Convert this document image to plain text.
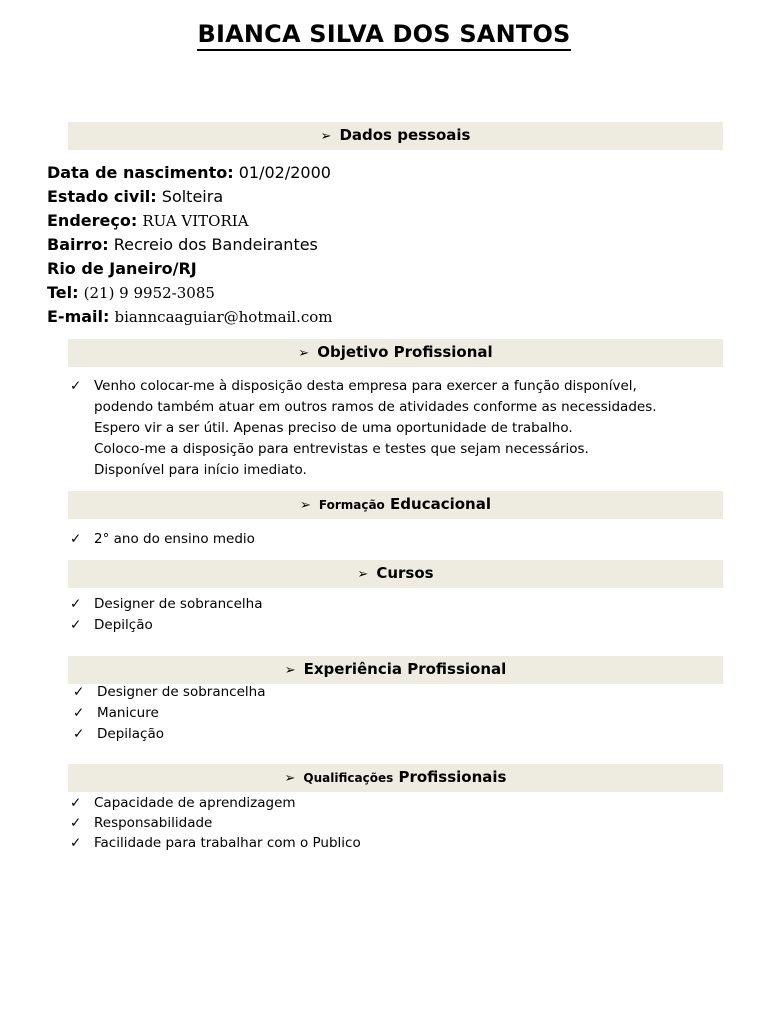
BIANCA SILVA DOS SANTOS
➢ Dados pessoais
Data de nascimento: 01/02/2000
Estado civil: Solteira
Endereço: RUA VITORIA
Bairro: Recreio dos Bandeirantes
Rio de Janeiro/RJ
Tel: (21) 9 9952-3085
E-mail: biannca​aguiar@hotmail.com
➢ Objetivo Profissional
✓ Venho colocar-me à disposição desta empresa para exercer a função disponível,
podendo também atuar em outros ramos de atividades conforme as necessidades.
Espero vir a ser útil. Apenas preciso de uma oportunidade de trabalho.
Coloco-me a disposição para entrevistas e testes que sejam necessários.
Disponível para início imediato.
➢ Formação Educacional
✓ 2° ano do ensino medio
➢ Cursos
✓ Designer de sobrancelha
✓ Depilção
➢ Experiência Profissional
✓ Designer de sobrancelha
✓ Manicure
✓ Depilação
➢ Qualificações Profissionais
✓ Capacidade de aprendizagem
✓ Responsabilidade
✓ Facilidade para trabalhar com o Publico
